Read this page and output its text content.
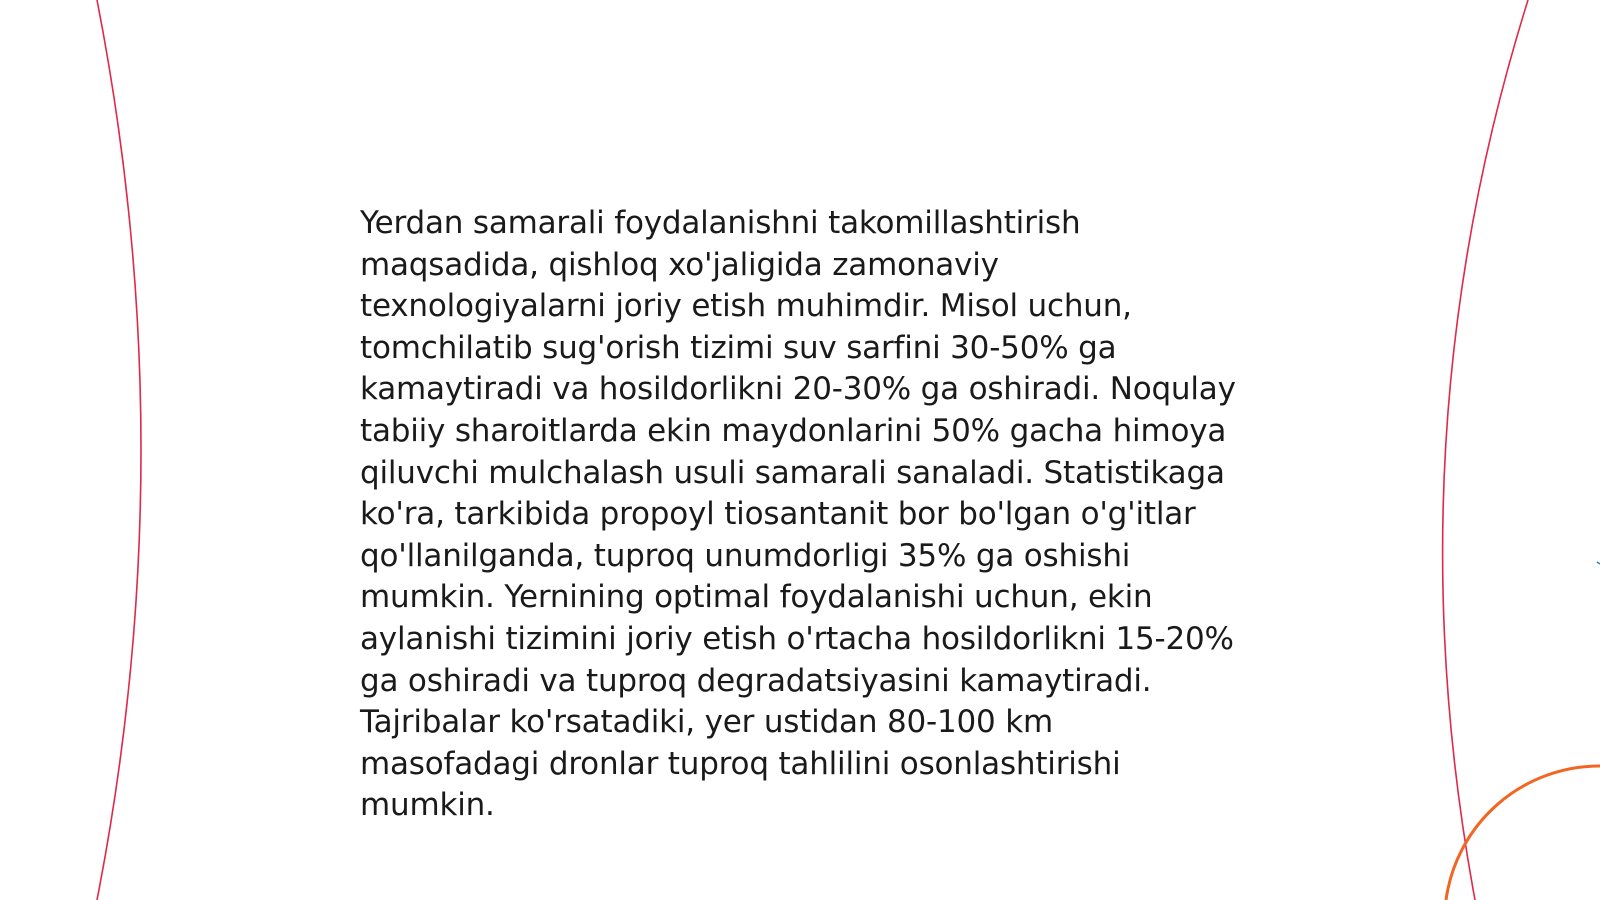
Yerdan samarali foydalanishni takomillashtirish maqsadida, qishloq xo'jaligida zamonaviy texnologiyalarni joriy etish muhimdir. Misol uchun, tomchilatib sug'orish tizimi suv sarfini 30-50% ga kamaytiradi va hosildorlikni 20-30% ga oshiradi. Noqulay tabiiy sharoitlarda ekin maydonlarini 50% gacha himoya qiluvchi mulchalash usuli samarali sanaladi. Statistikaga ko'ra, tarkibida propoyl tiosantanit bor bo'lgan o'g'itlar qo'llanilganda, tuproq unumdorligi 35% ga oshishi mumkin. Yernining optimal foydalanishi uchun, ekin aylanishi tizimini joriy etish o'rtacha hosildorlikni 15-20% ga oshiradi va tuproq degradatsiyasini kamaytiradi. Tajribalar ko'rsatadiki, yer ustidan 80-100 km masofadagi dronlar tuproq tahlilini osonlashtirishi mumkin.
